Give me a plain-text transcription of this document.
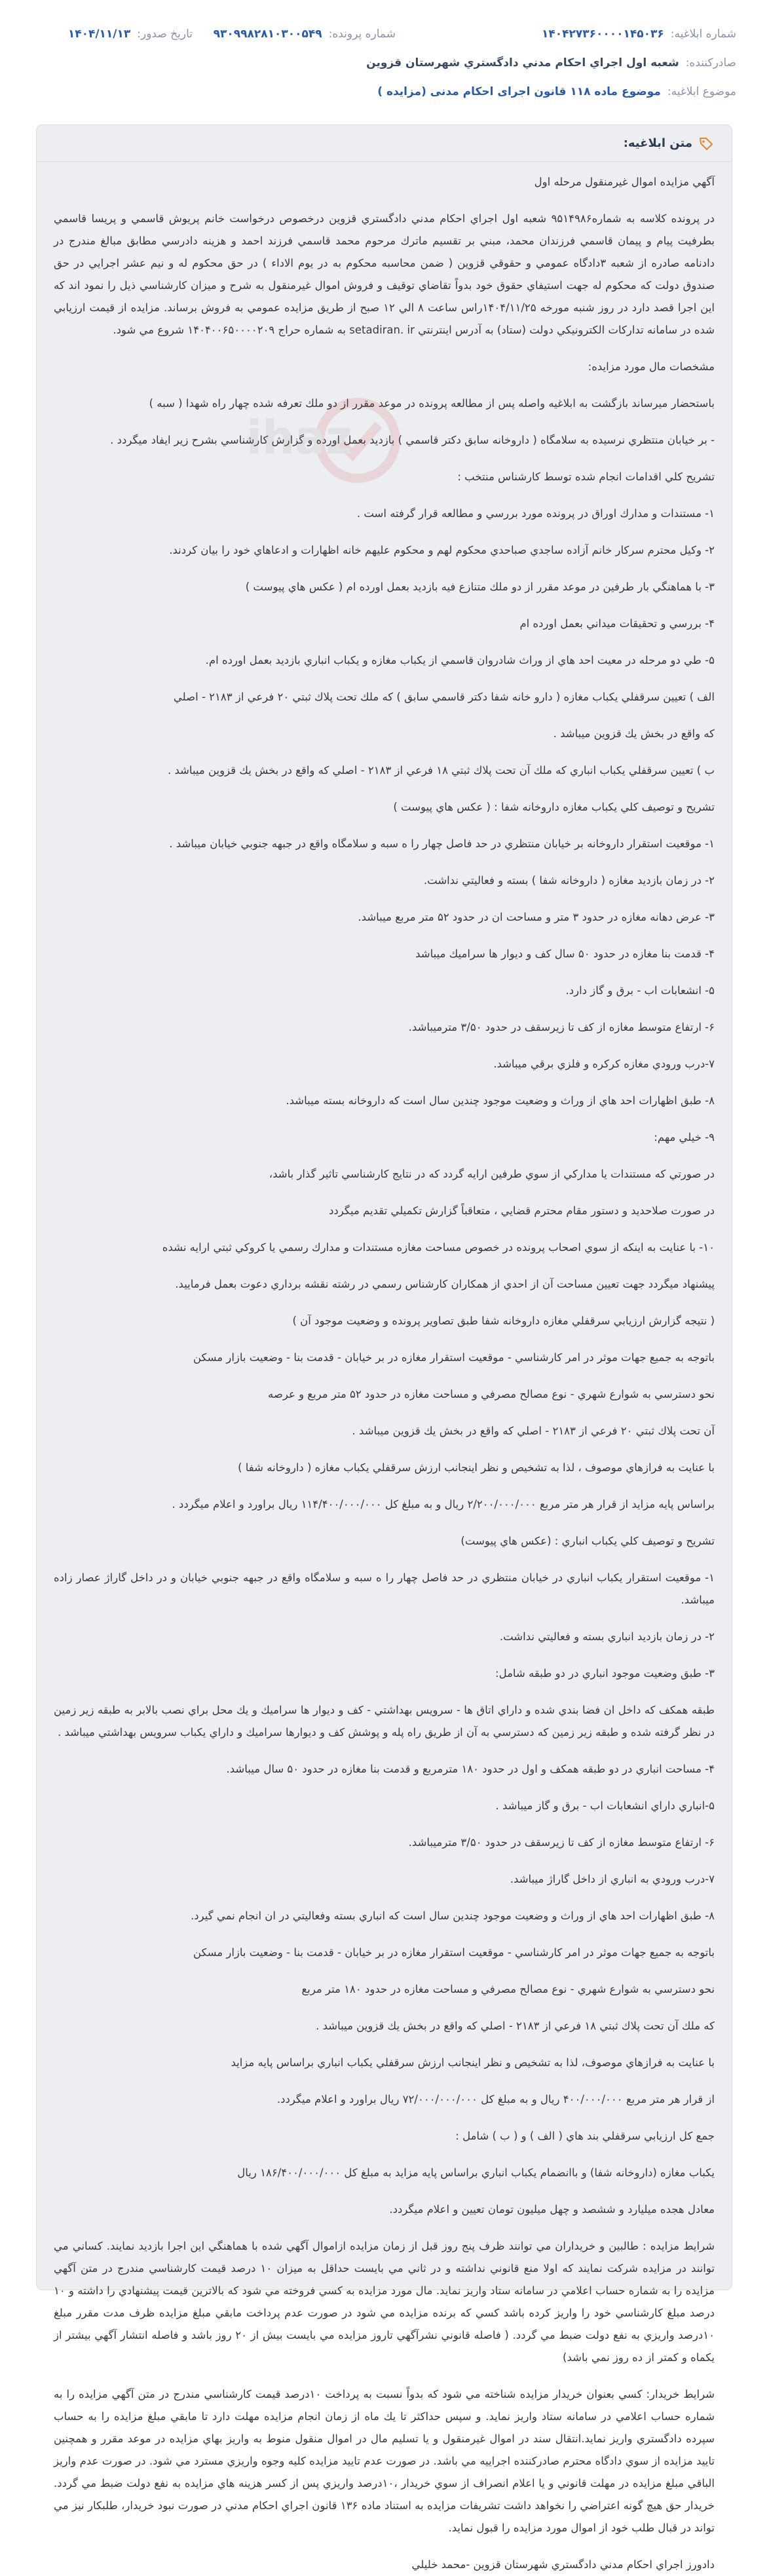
شماره ابلاغیه:
۱۴۰۴۲۷۳۶۰۰۰۰۱۴۵۰۳۶
شماره پرونده:
۹۳۰۹۹۸۲۸۱۰۳۰۰۵۴۹
تاریخ صدور:
۱۴۰۴/۱۱/۱۳
صادرکننده:
شعبه اول اجراي احكام مدني دادگستري شهرستان قزوين
موضوع ابلاغیه:
موضوع ماده ۱۱۸ قانون اجرای احکام مدنی (مزایده )
متن ابلاغیه:
ihaz

آگهي مزايده اموال غيرمنقول مرحله اول

در پرونده كلاسه به شماره۹۵۱۴۹۸۶ شعبه اول اجراي احكام مدني دادگستري قزوين درخصوص درخواست خانم پريوش قاسمي و پريسا قاسمي بطرفيت پيام و پيمان قاسمي فرزندان محمد، مبني بر تقسيم ماترك مرحوم محمد قاسمي فرزند احمد و هزينه دادرسي مطابق مبالغ مندرج در دادنامه صادره از شعبه ۳دادگاه عمومي و حقوقي قزوين ( ضمن محاسبه محكوم به در يوم الاداء ) در حق محكوم له و نيم عشر اجرايي در حق صندوق دولت كه محكوم له جهت استيفاي حقوق خود بدواً تقاضاي توقيف و فروش اموال غيرمنقول به شرح و ميزان كارشناسي ذيل را نمود اند كه اين اجرا قصد دارد در روز شنبه مورخه ۱۴۰۴/۱۱/۲۵راس ساعت ۸ الي ۱۲ صبح از طريق مزايده عمومي به فروش برساند. مزايده از قيمت ارزيابي شده در سامانه تداركات الكترونيكي دولت (ستاد) به آدرس اينترنتي setadiran. ir به شماره حراج ۱۴۰۴۰۰۶۵۰۰۰۰۲۰۹ شروع مي شود.

مشخصات مال مورد مزايده:

باستحضار ميرساند بازگشت به ابلاغيه واصله پس از مطالعه پرونده در موعد مقرر از دو ملك تعرفه شده چهار راه شهدا ( سبه )

- بر خيابان منتظري نرسيده به سلامگاه ( داروخانه سابق دكتر قاسمي ) بازديد بعمل اورده و گزارش كارشناسي بشرح زير ايفاد ميگردد .

تشريح كلي اقدامات انجام شده توسط كارشناس منتخب :

۱- مستندات و مدارك اوراق در پرونده مورد بررسي و مطالعه قرار گرفته است .

۲- وكيل محترم سركار خانم آزاده ساجدي صباحدي محكوم لهم و محكوم عليهم خانه اظهارات و ادعاهاي خود را بيان كردند.

۳- با هماهنگي بار طرفين در موعد مقرر از دو ملك متنازع فيه بازديد بعمل اورده ام ( عكس هاي پيوست )

۴- بررسي و تحقيقات ميداني بعمل اورده ام

۵- طي دو مرحله در معيت احد هاي از وراث شادروان قاسمي از يكباب مغازه و يكباب انباري بازديد بعمل اورده ام.

الف ) تعيين سرقفلي يكباب مغازه ( دارو خانه شفا دكتر قاسمي سابق ) كه ملك تحت پلاك ثبتي ۲۰ فرعي از ۲۱۸۳ - اصلي

كه واقع در بخش يك قزوين ميباشد .

ب ) تعيين سرقفلي يكباب انباري كه ملك آن تحت پلاك ثبتي ۱۸ فرعي از ۲۱۸۳ - اصلي كه واقع در بخش يك قزوين ميباشد .

تشريح و توصيف كلي يكباب مغازه داروخانه شفا : ( عكس هاي پيوست )

۱- موقعيت استقرار داروخانه بر خيابان منتظري در حد فاصل چهار را ه سبه و سلامگاه واقع در جبهه جنوبي خيابان ميباشد .

۲- در زمان بازديد مغازه ( داروخانه شفا ) بسته و فعاليتي نداشت.

۳- عرض دهانه مغازه در حدود ۳ متر و مساحت ان در حدود ۵۲ متر مربع ميباشد.

۴- قدمت بنا مغازه در حدود ۵۰ سال كف و ديوار ها سراميك ميباشد

۵- انشعابات اب - برق و گاز دارد.

۶- ارتفاع متوسط مغازه از كف تا زيرسقف در حدود ۳/۵۰ مترميباشد.

۷-درب ورودي مغازه كركره و فلزي برقي ميباشد.

۸- طبق اظهارات احد هاي از وراث و وضعيت موجود چندين سال است كه داروخانه بسته ميباشد.

۹- خيلي مهم:

در صورتي كه مستندات يا مداركي از سوي طرفين ارايه گردد كه در نتايج كارشناسي تاثير گذار باشد،

در صورت صلاحديد و دستور مقام محترم قضايي ، متعاقباً گزارش تكميلي تقديم ميگردد

۱۰- با عنايت به اينكه از سوي اصحاب پرونده در خصوص مساحت مغازه مستندات و مدارك رسمي يا كروكي ثبتي ارايه نشده

پيشنهاد ميگردد جهت تعيين مساحت آن از احدي از همكاران كارشناس رسمي در رشته نقشه برداري دعوت بعمل فرماييد.

( نتيجه گزارش ارزيابي سرقفلي مغازه داروخانه شفا طبق تصاوير پرونده و وضعيت موجود آن )

باتوجه به جميع جهات موثر در امر كارشناسي - موقعيت استقرار مغازه در بر خيابان - قدمت بنا - وضعيت بازار مسكن

نحو دسترسي به شوارع شهري - نوع مصالح مصرفي و مساحت مغازه در حدود ۵۲ متر مربع و عرصه

آن تحت پلاك ثبتي ۲۰ فرعي از ۲۱۸۳ - اصلي كه واقع در بخش يك قزوين ميباشد .

با عنايت به فرازهاي موصوف ، لذا به تشخيص و نظر اينجانب ارزش سرقفلي يكباب مغازه ( داروخانه شفا )

براساس پايه مزايد از قرار هر متر مربع ۲/۲۰۰/۰۰۰/۰۰۰ ريال و به مبلغ كل ۱۱۴/۴۰۰/۰۰۰/۰۰۰ ريال براورد و اعلام ميگردد .

تشريح و توصيف كلي يكباب انباري : (عكس هاي پيوست)

۱- موقعيت استقرار يكباب انباري در خيابان منتظري در حد فاصل چهار را ه سبه و سلامگاه واقع در جبهه جنوبي خيابان و در داخل گاراژ عصار زاده ميباشد.

۲- در زمان بازديد انباري بسته و فعاليتي نداشت.

۳- طبق وضعيت موجود انباري در دو طبقه شامل:

طبقه همكف كه داخل ان فضا بندي شده و داراي اتاق ها - سرويس بهداشتي - كف و ديوار ها سراميك و يك محل براي نصب بالابر به طبقه زير زمين در نظر گرفته شده و طبقه زير زمين كه دسترسي به آن از طريق راه پله و پوشش كف و ديوارها سراميك و داراي يكباب سرويس بهداشتي ميباشد .

۴- مساحت انباري در دو طبقه همكف و اول در حدود ۱۸۰ مترمربع و قدمت بنا مغازه در حدود ۵۰ سال ميباشد.

۵-انباري داراي انشعابات اب - برق و گاز ميباشد .

۶- ارتفاع متوسط مغازه از كف تا زيرسقف در حدود ۳/۵۰ مترميباشد.

۷-درب ورودي به انباري از داخل گاراژ ميباشد.

۸- طبق اظهارات احد هاي از وراث و وضعيت موجود چندين سال است كه انباري بسته وفعاليتي در ان انجام نمي گيرد.

باتوجه به جميع جهات موثر در امر كارشناسي - موقعيت استقرار مغازه در بر خيابان - قدمت بنا - وضعيت بازار مسكن

نحو دسترسي به شوارع شهري - نوع مصالح مصرفي و مساحت مغازه در حدود ۱۸۰ متر مربع

كه ملك آن تحت پلاك ثبتي ۱۸ فرعي از ۲۱۸۳ - اصلي كه واقع در بخش يك قزوين ميباشد .

با عنايت به فرازهاي موصوف، لذا به تشخيص و نظر اينجانب ارزش سرقفلي يكباب انباري براساس پايه مزايد

از قرار هر متر مربع ۴۰۰/۰۰۰/۰۰۰ ريال و به مبلغ كل ۷۲/۰۰۰/۰۰۰/۰۰۰ ريال براورد و اعلام ميگردد.

جمع كل ارزيابي سرقفلي بند هاي ( الف ) و ( ب ) شامل :

يكباب مغازه (داروخانه شفا) و باانضمام يكباب انباري براساس پايه مزايد به مبلغ كل ۱۸۶/۴۰۰/۰۰۰/۰۰۰ ريال

معادل هجده ميليارد و ششصد و چهل ميليون تومان تعيين و اعلام ميگردد.

شرايط مزايده : طالبين و خريداران مي توانند ظرف پنج روز قبل از زمان مزايده ازاموال آگهي شده با هماهنگي اين اجرا بازديد نمايند. كساني مي توانند در مزايده شركت نمايند كه اولا منع قانوني نداشته و در ثاني مي بايست حداقل به ميزان ۱۰ درصد قيمت كارشناسي مندرج در متن آگهي مزايده را به شماره حساب اعلامي در سامانه ستاد واريز نمايد. مال مورد مزايده به كسي فروخته مي شود كه بالاترين قيمت پيشنهادي را داشته و ۱۰ درصد مبلغ كارشناسي خود را واريز كرده باشد كسي كه برنده مزايده مي شود در صورت عدم پرداخت مابقي مبلغ مزايده ظرف مدت مقرر مبلغ ۱۰درصد واريزي به نفع دولت ضبط مي گردد. ( فاصله قانوني نشرآگهي تاروز مزايده مي بايست بيش از ۲۰ روز باشد و فاصله انتشار آگهي بيشتر از يكماه و كمتر از ده روز نمي باشد)

شرايط خريدار: كسي بعنوان خريدار مزايده شناخته مي شود كه بدواً نسبت به پرداخت ۱۰درصد قيمت كارشناسي مندرج در متن آگهي مزايده را به شماره حساب اعلامي در سامانه ستاد واريز نمايد. و سپس حداكثر تا يك ماه از زمان انجام مزايده مهلت دارد تا مابقي مبلغ مزايده را به حساب سپرده دادگستري واريز نمايد.انتقال سند در اموال غيرمنقول و يا تسليم مال در اموال منقول منوط به واريز بهاي مزايده در موعد مقرر و همچنين تاييد مزايده از سوي دادگاه محترم صادركننده اجراييه مي باشد. در صورت عدم تاييد مزايده كليه وجوه واريزي مسترد مي شود. در صورت عدم واريز الباقي مبلغ مزايده در مهلت قانوني و يا اعلام انصراف از سوي خريدار ،۱۰درصد واريزي پس از كسر هزينه هاي مزايده به نفع دولت ضبط مي گردد. خريدار حق هيچ گونه اعتراضي را نخواهد داشت تشريفات مزايده به استناد ماده ۱۳۶ قانون اجراي احكام مدني در صورت نبود خريدار، طلبكار نيز مي تواند در قبال طلب خود از اموال مورد مزايده را قبول نمايد.

دادورز اجراي احكام مدني دادگستري شهرستان قزوين -محمد خليلي
